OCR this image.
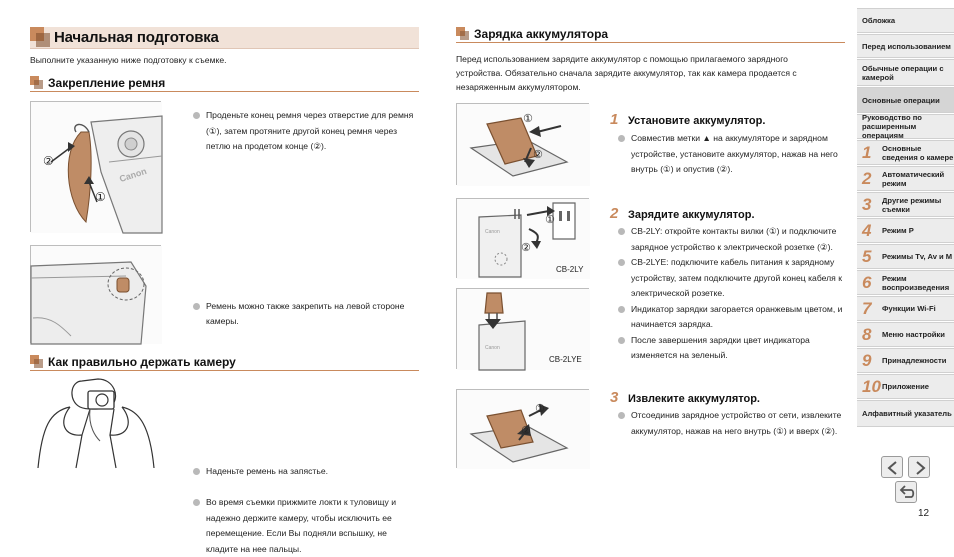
Начальная подготовка
Выполните указанную ниже подготовку к съемке.
Закрепление ремня
②
①
Canon
Проденьте конец ремня через отверстие для ремня (①), затем протяните другой конец ремня через петлю на продетом конце (②).
Ремень можно также закрепить на левой стороне камеры.
Как правильно держать камеру
Наденьте ремень на запястье.
Во время съемки прижмите локти к туловищу и надежно держите камеру, чтобы исключить ее перемещение. Если Вы подняли вспышку, не кладите на нее пальцы.
Зарядка аккумулятора
Перед использованием зарядите аккумулятор с помощью прилагаемого зарядного устройства. Обязательно сначала зарядите аккумулятор, так как камера продается с незаряженным аккумулятором.
①
②
Canon
①
②
CB-2LY
Canon
CB-2LYE
①
②
1 Установите аккумулятор.
Совместив метки ▲ на аккумуляторе и зарядном устройстве, установите аккумулятор, нажав на него внутрь (①) и опустив (②).
2 Зарядите аккумулятор.
CB-2LY: откройте контакты вилки (①) и подключите зарядное устройство к электрической розетке (②).
CB-2LYE: подключите кабель питания к зарядному устройству, затем подключите другой конец кабеля к электрической розетке.
Индикатор зарядки загорается оранжевым цветом, и начинается зарядка.
После завершения зарядки цвет индикатора изменяется на зеленый.
3 Извлеките аккумулятор.
Отсоединив зарядное устройство от сети, извлеките аккумулятор, нажав на него внутрь (①) и вверх (②).
Обложка
Перед использованием
Обычные операции с камерой
Основные операции
Руководство по расширенным операциям
1	Основные сведения о камере
2	Автоматический режим
3	Другие режимы съемки
4	Режим P
5	Режимы Tv, Av и M
6	Режим воспроизведения
7	Функции Wi-Fi
8	Меню настройки
9	Принадлежности
10 Приложение
Алфавитный указатель
12
